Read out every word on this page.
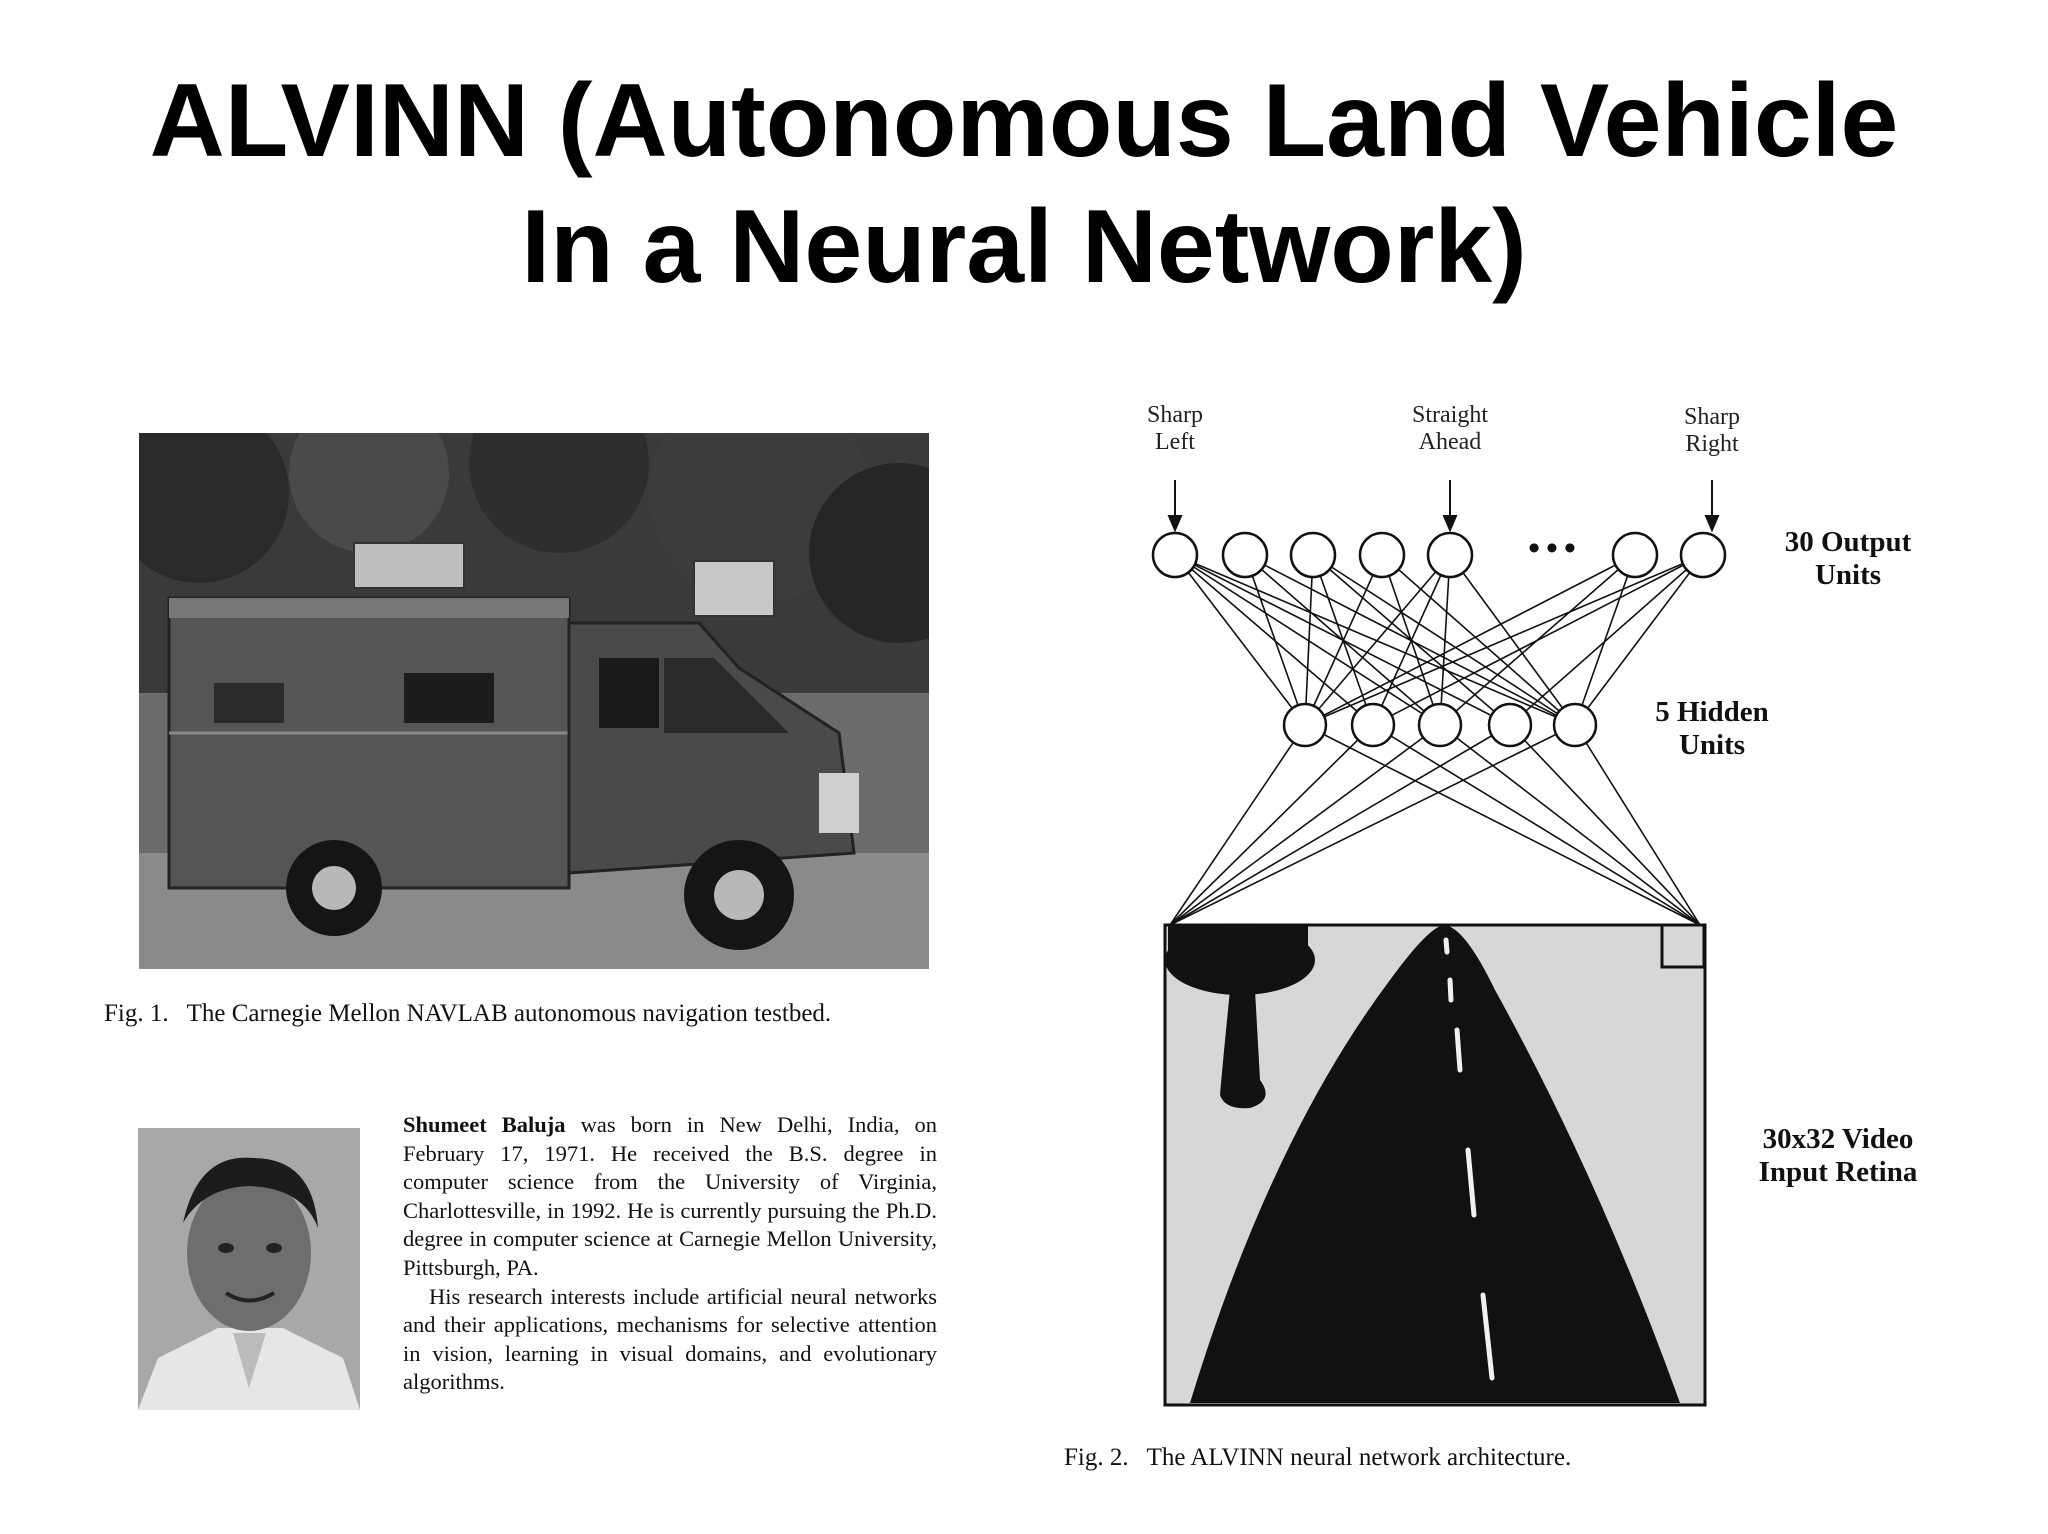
ALVINN (Autonomous Land Vehicle
In a Neural Network)
Fig. 1. The Carnegie Mellon NAVLAB autonomous navigation testbed.

Shumeet Baluja was born in New Delhi, India, on February 17, 1971. He received the B.S. degree in computer science from the University of Virginia, Charlottesville, in 1992. He is currently pursuing the Ph.D. degree in computer science at Carnegie Mellon University, Pittsburgh, PA.

His research interests include artificial neural networks and their applications, mechanisms for selective attention in vision, learning in visual domains, and evolutionary algorithms.

Sharp
Left
Straight
Ahead
Sharp
Right
•••	30 Output
Units
5 Hidden
Units
30x32 Video
Input Retina
Fig. 2. The ALVINN neural network architecture.
